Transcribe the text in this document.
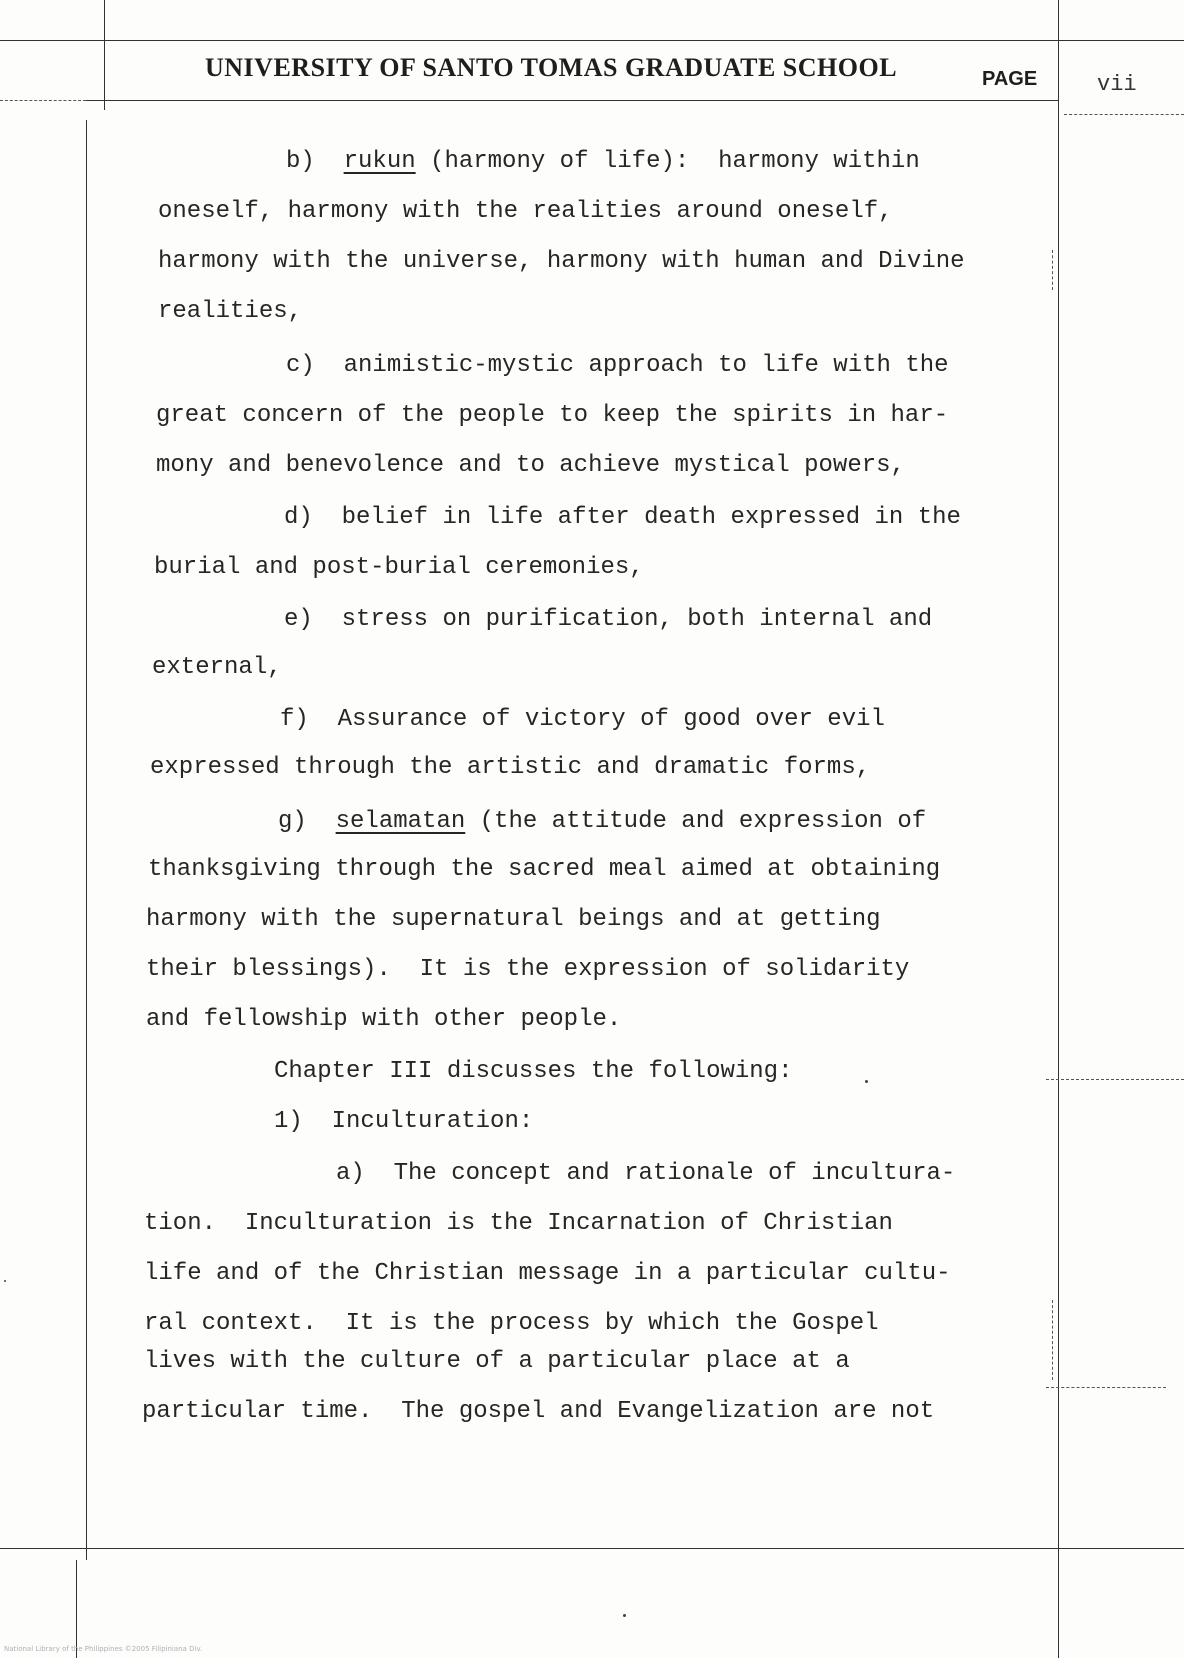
UNIVERSITY OF SANTO TOMAS GRADUATE SCHOOL	PAGE	vii
b) rukun (harmony of life):  harmony within
oneself, harmony with the realities around oneself,
harmony with the universe, harmony with human and Divine
realities,
c) animistic-mystic approach to life with the
great concern of the people to keep the spirits in har-
mony and benevolence and to achieve mystical powers,
d) belief in life after death expressed in the
burial and post-burial ceremonies,
e) stress on purification, both internal and
external,
f) Assurance of victory of good over evil
expressed through the artistic and dramatic forms,
g) selamatan (the attitude and expression of
thanksgiving through the sacred meal aimed at obtaining
harmony with the supernatural beings and at getting
their blessings).  It is the expression of solidarity
and fellowship with other people.
Chapter III discusses the following:
1) Inculturation:
a) The concept and rationale of incultura-
tion.  Inculturation is the Incarnation of Christian
life and of the Christian message in a particular cultu-
ral context.  It is the process by which the Gospel
lives with the culture of a particular place at a
particular time.  The gospel and Evangelization are not
National Library of the Philippines ©2005 Filipiniana Div.
